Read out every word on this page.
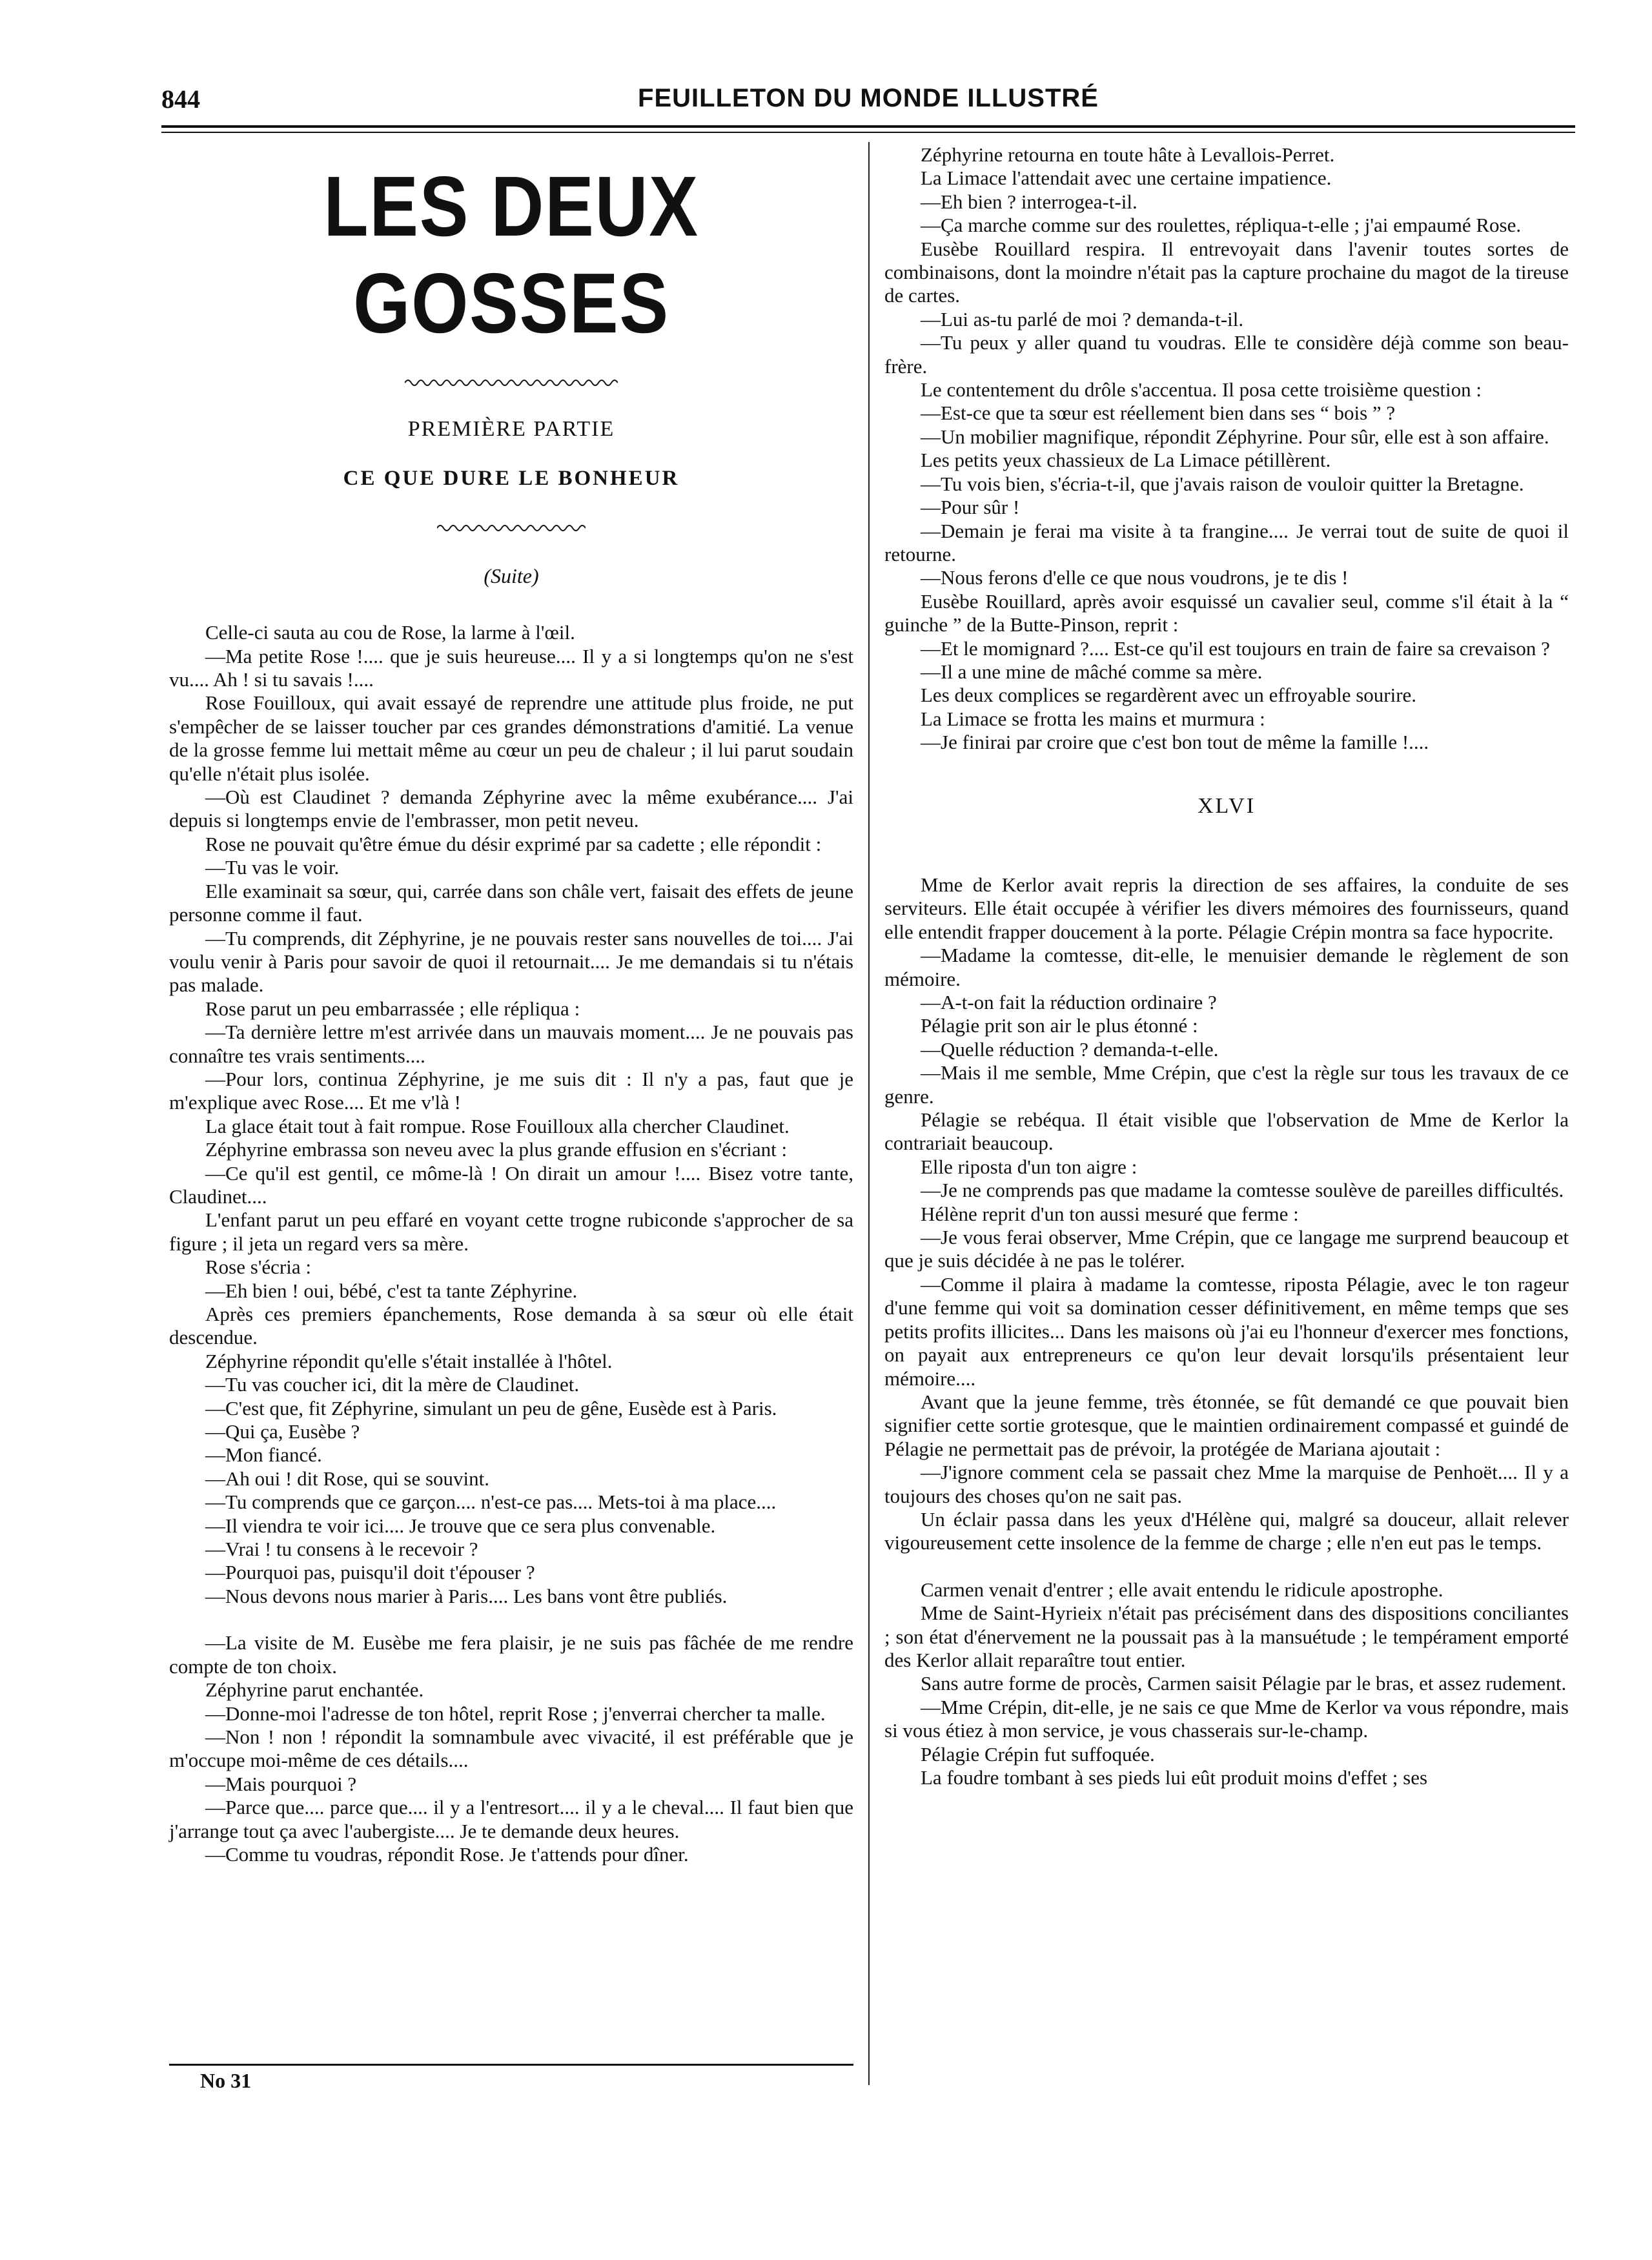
844	FEUILLETON DU MONDE ILLUSTRÉ
LES DEUX GOSSES
PREMIÈRE PARTIE
CE QUE DURE LE BONHEUR
(Suite)

Celle-ci sauta au cou de Rose, la larme à l'œil.

—Ma petite Rose !.... que je suis heureuse.... Il y a si longtemps qu'on ne s'est vu.... Ah ! si tu savais !....

Rose Fouilloux, qui avait essayé de reprendre une attitude plus froide, ne put s'empêcher de se laisser toucher par ces grandes démonstrations d'amitié. La venue de la grosse femme lui mettait même au cœur un peu de chaleur ; il lui parut soudain qu'elle n'était plus isolée.

—Où est Claudinet ? demanda Zéphyrine avec la même exubérance.... J'ai depuis si longtemps envie de l'embrasser, mon petit neveu.

Rose ne pouvait qu'être émue du désir exprimé par sa cadette ; elle répondit :

—Tu vas le voir.

Elle examinait sa sœur, qui, carrée dans son châle vert, faisait des effets de jeune personne comme il faut.

—Tu comprends, dit Zéphyrine, je ne pouvais rester sans nouvelles de toi.... J'ai voulu venir à Paris pour savoir de quoi il retournait.... Je me demandais si tu n'étais pas malade.

Rose parut un peu embarrassée ; elle répliqua :

—Ta dernière lettre m'est arrivée dans un mauvais moment.... Je ne pouvais pas connaître tes vrais sentiments....

—Pour lors, continua Zéphyrine, je me suis dit : Il n'y a pas, faut que je m'explique avec Rose.... Et me v'là !

La glace était tout à fait rompue. Rose Fouilloux alla chercher Claudinet.

Zéphyrine embrassa son neveu avec la plus grande effusion en s'écriant :

—Ce qu'il est gentil, ce môme-là ! On dirait un amour !.... Bisez votre tante, Claudinet....

L'enfant parut un peu effaré en voyant cette trogne rubiconde s'approcher de sa figure ; il jeta un regard vers sa mère.

Rose s'écria :

—Eh bien ! oui, bébé, c'est ta tante Zéphyrine.

Après ces premiers épanchements, Rose demanda à sa sœur où elle était descendue.

Zéphyrine répondit qu'elle s'était installée à l'hôtel.

—Tu vas coucher ici, dit la mère de Claudinet.

—C'est que, fit Zéphyrine, simulant un peu de gêne, Eusède est à Paris.

—Qui ça, Eusèbe ?

—Mon fiancé.

—Ah oui ! dit Rose, qui se souvint.

—Tu comprends que ce garçon.... n'est-ce pas.... Mets-toi à ma place....

—Il viendra te voir ici.... Je trouve que ce sera plus convenable.

—Vrai ! tu consens à le recevoir ?

—Pourquoi pas, puisqu'il doit t'épouser ?

—Nous devons nous marier à Paris.... Les bans vont être publiés.

—La visite de M. Eusèbe me fera plaisir, je ne suis pas fâchée de me rendre compte de ton choix.

Zéphyrine parut enchantée.

—Donne-moi l'adresse de ton hôtel, reprit Rose ; j'enverrai chercher ta malle.

—Non ! non ! répondit la somnambule avec vivacité, il est préférable que je m'occupe moi-même de ces détails....

—Mais pourquoi ?

—Parce que.... parce que.... il y a l'entresort.... il y a le cheval.... Il faut bien que j'arrange tout ça avec l'aubergiste.... Je te demande deux heures.

—Comme tu voudras, répondit Rose. Je t'attends pour dîner.

No 31

Zéphyrine retourna en toute hâte à Levallois-Perret.

La Limace l'attendait avec une certaine impatience.

—Eh bien ? interrogea-t-il.

—Ça marche comme sur des roulettes, répliqua-t-elle ; j'ai empaumé Rose.

Eusèbe Rouillard respira. Il entrevoyait dans l'avenir toutes sortes de combinaisons, dont la moindre n'était pas la capture prochaine du magot de la tireuse de cartes.

—Lui as-tu parlé de moi ? demanda-t-il.

—Tu peux y aller quand tu voudras. Elle te considère déjà comme son beau-frère.

Le contentement du drôle s'accentua. Il posa cette troisième question :

—Est-ce que ta sœur est réellement bien dans ses “ bois ” ?

—Un mobilier magnifique, répondit Zéphyrine. Pour sûr, elle est à son affaire.

Les petits yeux chassieux de La Limace pétillèrent.

—Tu vois bien, s'écria-t-il, que j'avais raison de vouloir quitter la Bretagne.

—Pour sûr !

—Demain je ferai ma visite à ta frangine.... Je verrai tout de suite de quoi il retourne.

—Nous ferons d'elle ce que nous voudrons, je te dis !

Eusèbe Rouillard, après avoir esquissé un cavalier seul, comme s'il était à la “ guinche ” de la Butte-Pinson, reprit :

—Et le momignard ?.... Est-ce qu'il est toujours en train de faire sa crevaison ?

—Il a une mine de mâché comme sa mère.

Les deux complices se regardèrent avec un effroyable sourire.

La Limace se frotta les mains et murmura :

—Je finirai par croire que c'est bon tout de même la famille !....

XLVI

Mme de Kerlor avait repris la direction de ses affaires, la conduite de ses serviteurs. Elle était occupée à vérifier les divers mémoires des fournisseurs, quand elle entendit frapper doucement à la porte. Pélagie Crépin montra sa face hypocrite.

—Madame la comtesse, dit-elle, le menuisier demande le règlement de son mémoire.

—A-t-on fait la réduction ordinaire ?

Pélagie prit son air le plus étonné :

—Quelle réduction ? demanda-t-elle.

—Mais il me semble, Mme Crépin, que c'est la règle sur tous les travaux de ce genre.

Pélagie se rebéqua. Il était visible que l'observation de Mme de Kerlor la contrariait beaucoup.

Elle riposta d'un ton aigre :

—Je ne comprends pas que madame la comtesse soulève de pareilles difficultés.

Hélène reprit d'un ton aussi mesuré que ferme :

—Je vous ferai observer, Mme Crépin, que ce langage me surprend beaucoup et que je suis décidée à ne pas le tolérer.

—Comme il plaira à madame la comtesse, riposta Pélagie, avec le ton rageur d'une femme qui voit sa domination cesser définitivement, en même temps que ses petits profits illicites... Dans les maisons où j'ai eu l'honneur d'exercer mes fonctions, on payait aux entrepreneurs ce qu'on leur devait lorsqu'ils présentaient leur mémoire....

Avant que la jeune femme, très étonnée, se fût demandé ce que pouvait bien signifier cette sortie grotesque, que le maintien ordinairement compassé et guindé de Pélagie ne permettait pas de prévoir, la protégée de Mariana ajoutait :

—J'ignore comment cela se passait chez Mme la marquise de Penhoët.... Il y a toujours des choses qu'on ne sait pas.

Un éclair passa dans les yeux d'Hélène qui, malgré sa douceur, allait relever vigoureusement cette insolence de la femme de charge ; elle n'en eut pas le temps.

Carmen venait d'entrer ; elle avait entendu le ridicule apostrophe.

Mme de Saint-Hyrieix n'était pas précisément dans des dispositions conciliantes ; son état d'énervement ne la poussait pas à la mansuétude ; le tempérament emporté des Kerlor allait reparaître tout entier.

Sans autre forme de procès, Carmen saisit Pélagie par le bras, et assez rudement.

—Mme Crépin, dit-elle, je ne sais ce que Mme de Kerlor va vous répondre, mais si vous étiez à mon service, je vous chasserais sur-le-champ.

Pélagie Crépin fut suffoquée.

La foudre tombant à ses pieds lui eût produit moins d'effet ; ses
